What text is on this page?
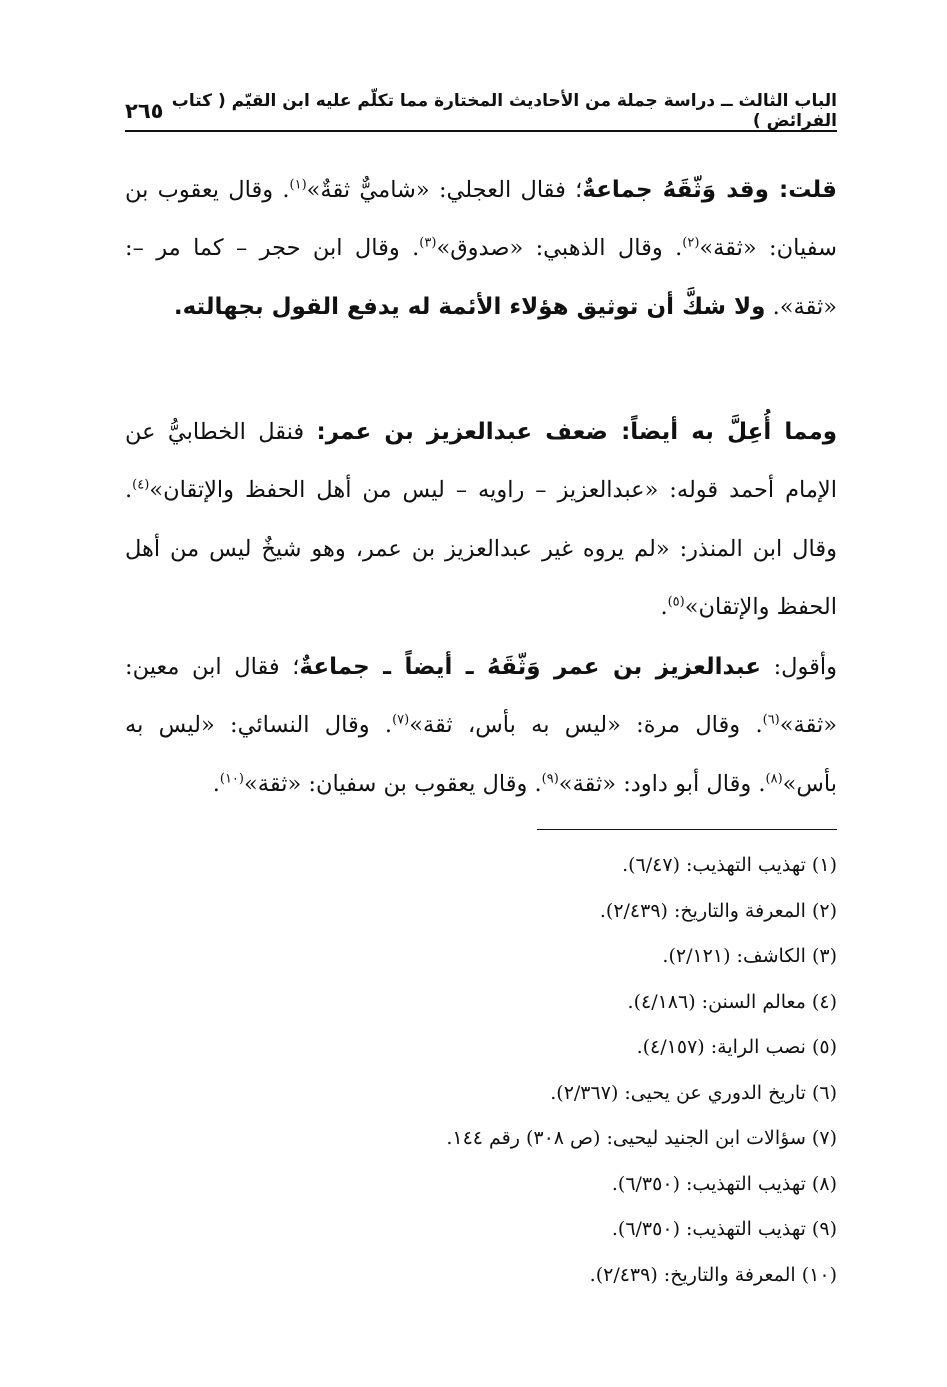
الباب الثالث ــ دراسة جملة من الأحاديث المختارة مما تكلّم عليه ابن القيّم ( كتاب الفرائض )
٢٦٥

قلت: وقد وَثّقَهُ جماعةٌ؛ فقال العجلي: «شاميٌّ ثقةٌ»$^{(١)}$. وقال يعقوب بن سفيان: «ثقة»$^{(٢)}$. وقال الذهبي: «صدوق»$^{(٣)}$. وقال ابن حجر – كما مر –: «ثقة». ولا شكَّ أن توثيق هؤلاء الأئمة له يدفع القول بجهالته.

ومما أُعِلَّ به أيضاً: ضعف عبدالعزيز بن عمر: فنقل الخطابيُّ عن الإمام أحمد قوله: «عبدالعزيز – راويه – ليس من أهل الحفظ والإتقان»$^{(٤)}$. وقال ابن المنذر: «لم يروه غير عبدالعزيز بن عمر، وهو شيخٌ ليس من أهل الحفظ والإتقان»$^{(٥)}$.

وأقول: عبدالعزيز بن عمر وَثّقَهُ ـ أيضاً ـ جماعةٌ؛ فقال ابن معين: «ثقة»$^{(٦)}$. وقال مرة: «ليس به بأس، ثقة»$^{(٧)}$. وقال النسائي: «ليس به بأس»$^{(٨)}$. وقال أبو داود: «ثقة»$^{(٩)}$. وقال يعقوب بن سفيان: «ثقة»$^{(١٠)}$.

(١) تهذيب التهذيب: (٦/٤٧).
(٢) المعرفة والتاريخ: (٢/٤٣٩).
(٣) الكاشف: (٢/١٢١).
(٤) معالم السنن: (٤/١٨٦).
(٥) نصب الراية: (٤/١٥٧).
(٦) تاريخ الدوري عن يحيى: (٢/٣٦٧).
(٧) سؤالات ابن الجنيد ليحيى: (ص ٣٠٨) رقم ١٤٤.
(٨) تهذيب التهذيب: (٦/٣٥٠).
(٩) تهذيب التهذيب: (٦/٣٥٠).
(١٠) المعرفة والتاريخ: (٢/٤٣٩).
